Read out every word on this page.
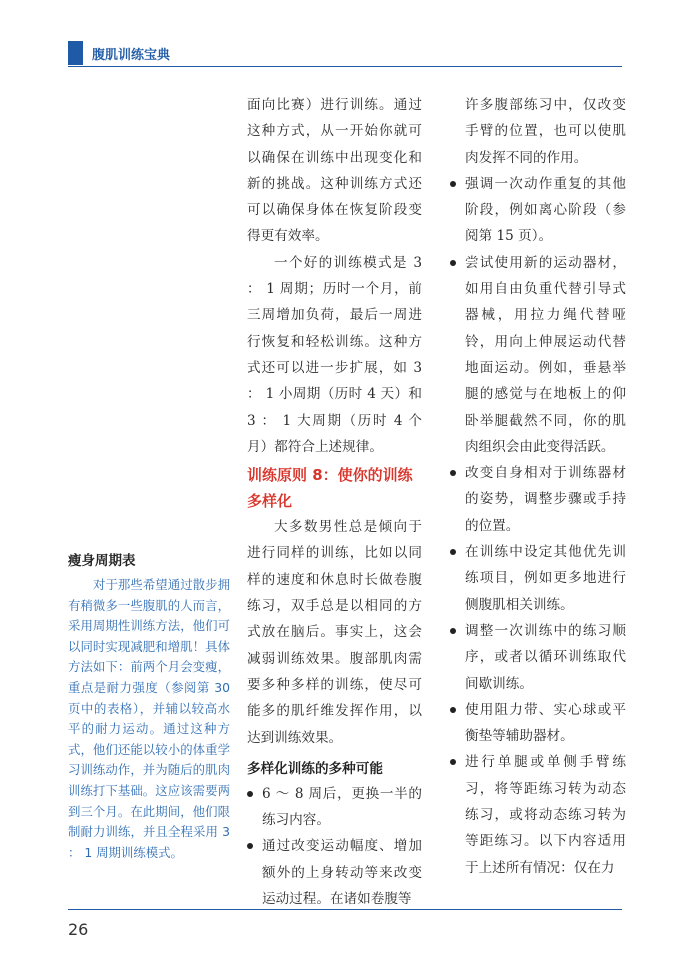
腹肌训练宝典
瘦身周期表

对于那些希望通过散步拥有稍微多一些腹肌的人而言，采用周期性训练方法，他们可以同时实现减肥和增肌！具体方法如下：前两个月会变瘦，重点是耐力强度（参阅第 30 页中的表格），并辅以较高水平的耐力运动。通过这种方式，他们还能以较小的体重学习训练动作，并为随后的肌肉训练打下基础。这应该需要两到三个月。在此期间，他们限制耐力训练，并且全程采用 3 ： 1 周期训练模式。

面向比赛）进行训练。通过这种方式，从一开始你就可以确保在训练中出现变化和新的挑战。这种训练方式还可以确保身体在恢复阶段变得更有效率。

一个好的训练模式是 3 ： 1 周期；历时一个月，前三周增加负荷，最后一周进行恢复和轻松训练。这种方式还可以进一步扩展，如 3 ： 1 小周期（历时 4 天）和 3 ： 1 大周期（历时 4 个月）都符合上述规律。

训练原则 8：使你的训练多样化

大多数男性总是倾向于进行同样的训练，比如以同样的速度和休息时长做卷腹练习，双手总是以相同的方式放在脑后。事实上，这会减弱训练效果。腹部肌肉需要多种多样的训练，使尽可能多的肌纤维发挥作用，以达到训练效果。

多样化训练的多种可能
6 ～ 8 周后，更换一半的练习内容。
通过改变运动幅度、增加额外的上身转动等来改变运动过程。在诸如卷腹等

许多腹部练习中，仅改变手臂的位置，也可以使肌肉发挥不同的作用。

强调一次动作重复的其他阶段，例如离心阶段（参阅第 15 页）。
尝试使用新的运动器材，如用自由负重代替引导式器械，用拉力绳代替哑铃，用向上伸展运动代替地面运动。例如，垂悬举腿的感觉与在地板上的仰卧举腿截然不同，你的肌肉组织会由此变得活跃。
改变自身相对于训练器材的姿势，调整步骤或手持的位置。
在训练中设定其他优先训练项目，例如更多地进行侧腹肌相关训练。
调整一次训练中的练习顺序，或者以循环训练取代间歇训练。
使用阻力带、实心球或平衡垫等辅助器材。
进行单腿或单侧手臂练习，将等距练习转为动态练习，或将动态练习转为等距练习。以下内容适用于上述所有情况：仅在力
26
